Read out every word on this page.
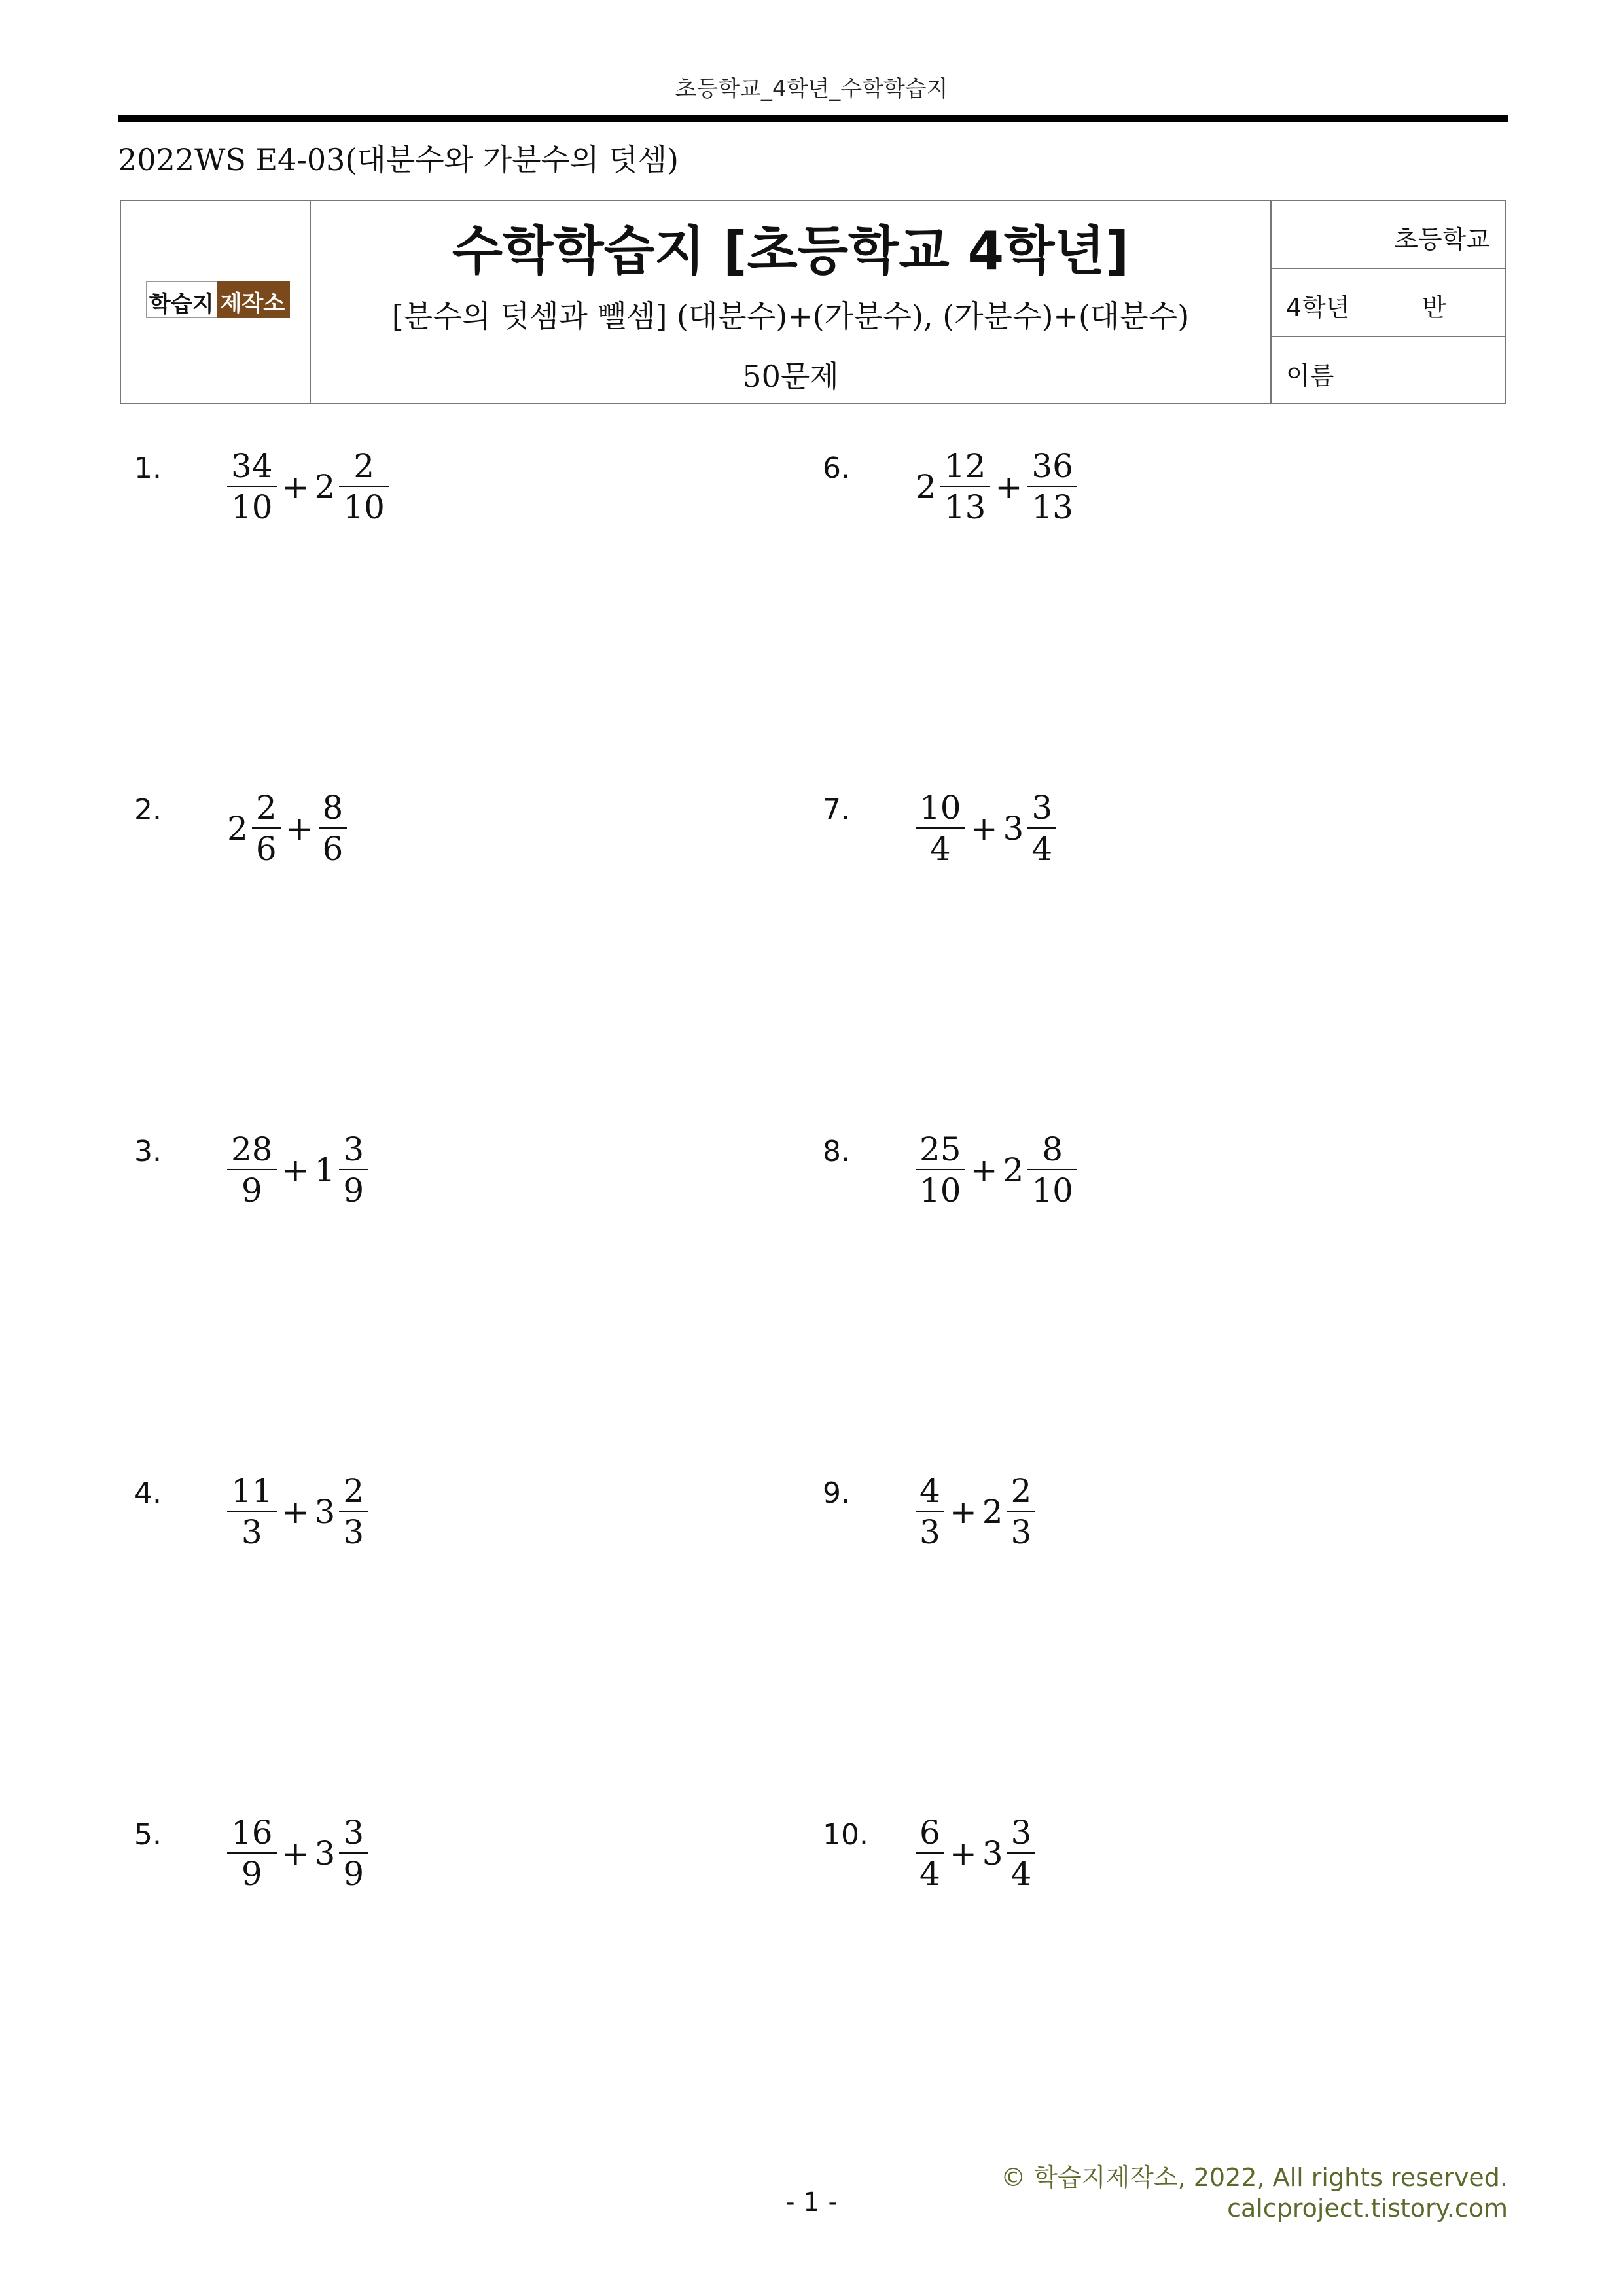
초등학교_4학년_수학학습지
2022WS E4-03(대분수와 가분수의 덧셈)
학습지 제작소
수학학습지 [초등학교 4학년]
[분수의 덧셈과 뺄셈] (대분수)+(가분수), (가분수)+(대분수)
50문제
초등학교
4학년	반
이름
1. $\frac{34}{10} + 2 \frac{2}{10}$
2. $2 \frac{2}{6} + \frac{8}{6}$
3. $\frac{28}{9} + 1 \frac{3}{9}$
4. $\frac{11}{3} + 3 \frac{2}{3}$
5. $\frac{16}{9} + 3 \frac{3}{9}$
6. $2 \frac{12}{13} + \frac{36}{13}$
7. $\frac{10}{4} + 3 \frac{3}{4}$
8. $\frac{25}{10} + 2 \frac{8}{10}$
9. $\frac{4}{3} + 2 \frac{2}{3}$
10. $\frac{6}{4} + 3 \frac{3}{4}$
© 학습지제작소, 2022, All rights reserved.
calcproject.tistory.com
- 1 -
